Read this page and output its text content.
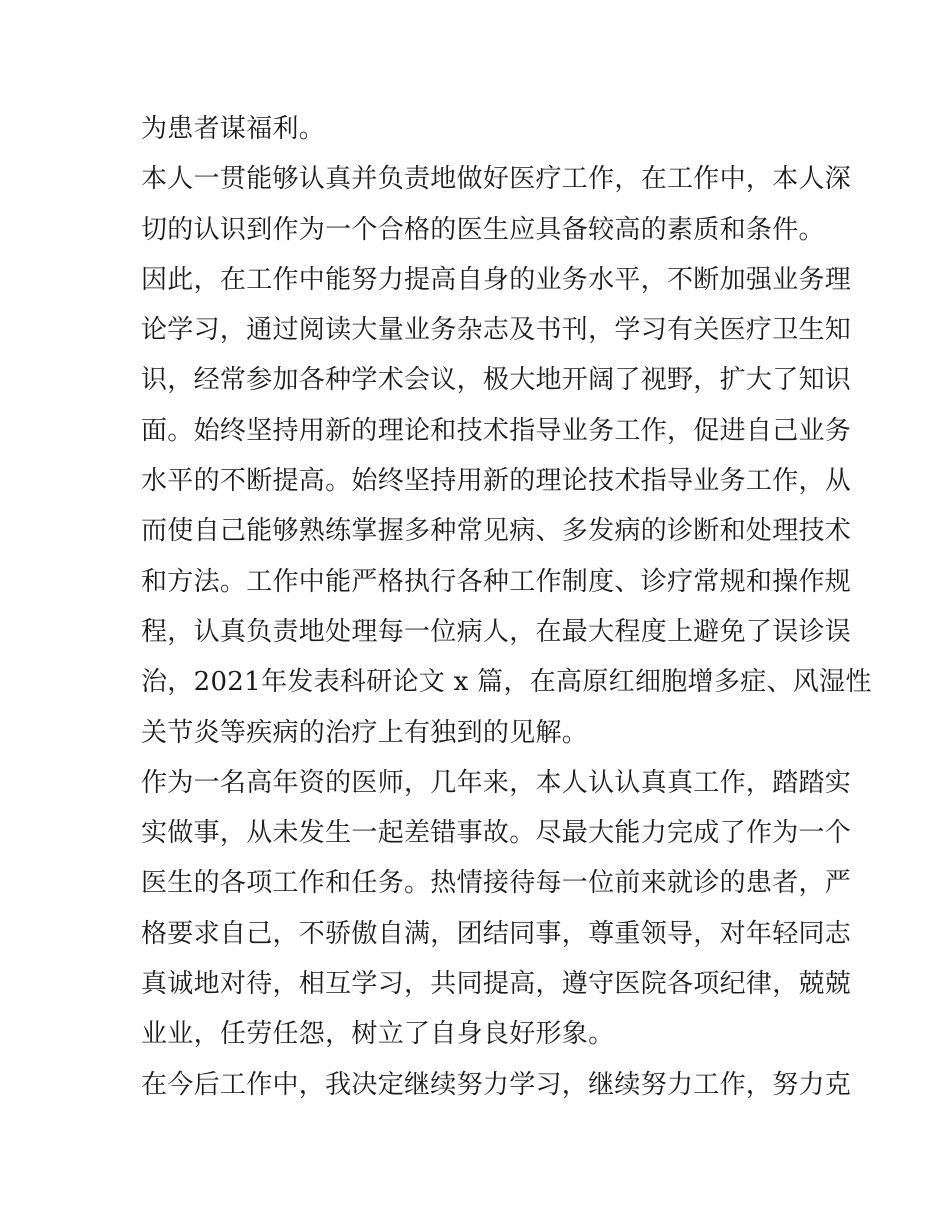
为患者谋福利。
本人一贯能够认真并负责地做好医疗工作，在工作中，本人深
切的认识到作为一个合格的医生应具备较高的素质和条件。
因此，在工作中能努力提高自身的业务水平，不断加强业务理
论学习，通过阅读大量业务杂志及书刊，学习有关医疗卫生知
识，经常参加各种学术会议，极大地开阔了视野，扩大了知识
面。始终坚持用新的理论和技术指导业务工作，促进自己业务
水平的不断提高。始终坚持用新的理论技术指导业务工作，从
而使自己能够熟练掌握多种常见病、多发病的诊断和处理技术
和方法。工作中能严格执行各种工作制度、诊疗常规和操作规
程，认真负责地处理每一位病人，在最大程度上避免了误诊误
治，2021年发表科研论文 x 篇，在高原红细胞增多症、风湿性
关节炎等疾病的治疗上有独到的见解。
作为一名高年资的医师，几年来，本人认认真真工作，踏踏实
实做事，从未发生一起差错事故。尽最大能力完成了作为一个
医生的各项工作和任务。热情接待每一位前来就诊的患者，严
格要求自己，不骄傲自满，团结同事，尊重领导，对年轻同志
真诚地对待，相互学习，共同提高，遵守医院各项纪律，兢兢
业业，任劳任怨，树立了自身良好形象。
在今后工作中，我决定继续努力学习，继续努力工作，努力克
